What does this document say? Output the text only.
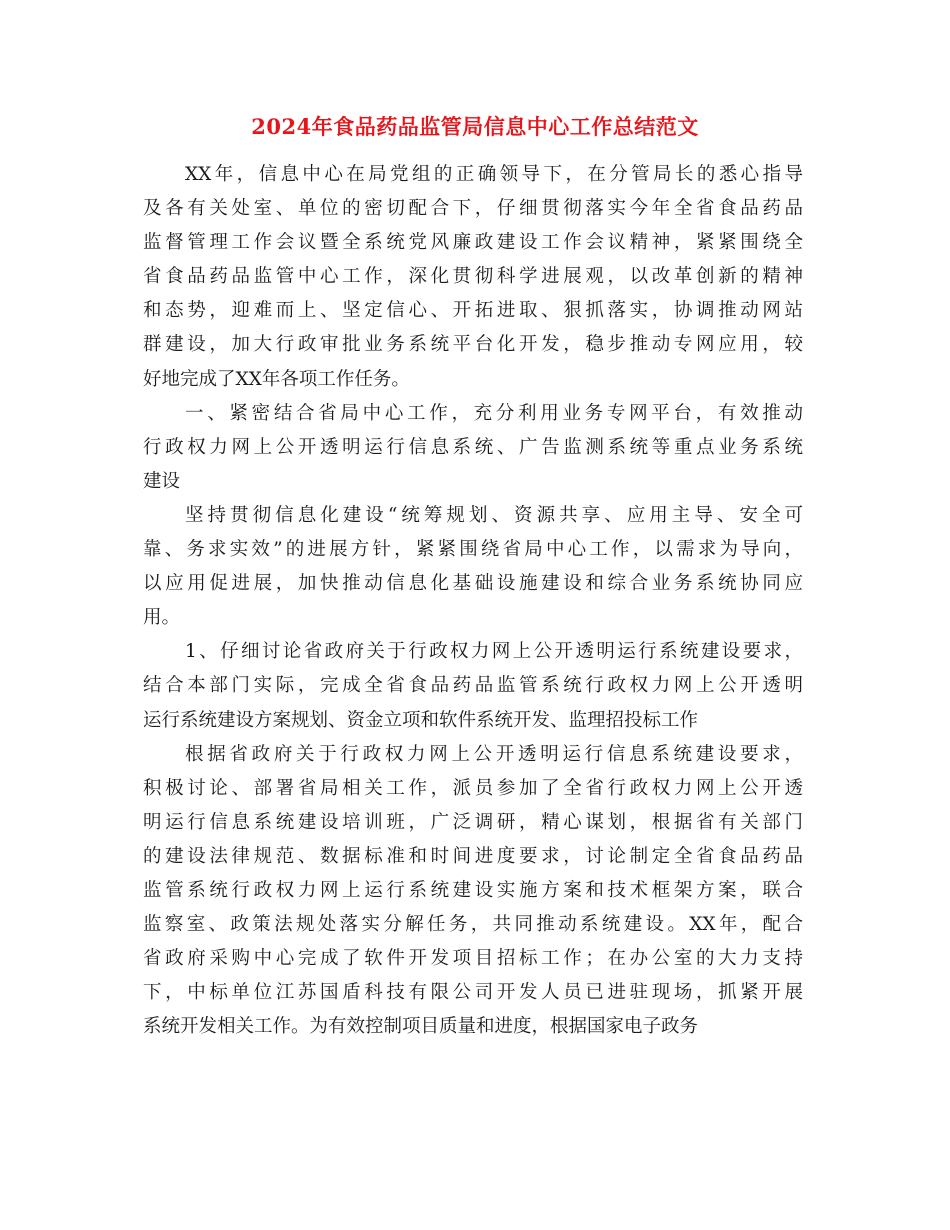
2024年食品药品监管局信息中心工作总结范文
XX年，信息中心在局党组的正确领导下，在分管局长的悉心指导
及各有关处室、单位的密切配合下，仔细贯彻落实今年全省食品药品
监督管理工作会议暨全系统党风廉政建设工作会议精神，紧紧围绕全
省食品药品监管中心工作，深化贯彻科学进展观，以改革创新的精神
和态势，迎难而上、坚定信心、开拓进取、狠抓落实，协调推动网站
群建设，加大行政审批业务系统平台化开发，稳步推动专网应用，较
好地完成了XX年各项工作任务。
一、紧密结合省局中心工作，充分利用业务专网平台，有效推动
行政权力网上公开透明运行信息系统、广告监测系统等重点业务系统
建设
坚持贯彻信息化建设“统筹规划、资源共享、应用主导、安全可
靠、务求实效”的进展方针，紧紧围绕省局中心工作，以需求为导向，
以应用促进展，加快推动信息化基础设施建设和综合业务系统协同应
用。
1、仔细讨论省政府关于行政权力网上公开透明运行系统建设要求，
结合本部门实际，完成全省食品药品监管系统行政权力网上公开透明
运行系统建设方案规划、资金立项和软件系统开发、监理招投标工作
根据省政府关于行政权力网上公开透明运行信息系统建设要求，
积极讨论、部署省局相关工作，派员参加了全省行政权力网上公开透
明运行信息系统建设培训班，广泛调研，精心谋划，根据省有关部门
的建设法律规范、数据标准和时间进度要求，讨论制定全省食品药品
监管系统行政权力网上运行系统建设实施方案和技术框架方案，联合
监察室、政策法规处落实分解任务，共同推动系统建设。XX年，配合
省政府采购中心完成了软件开发项目招标工作；在办公室的大力支持
下，中标单位江苏国盾科技有限公司开发人员已进驻现场，抓紧开展
系统开发相关工作。为有效控制项目质量和进度，根据国家电子政务
